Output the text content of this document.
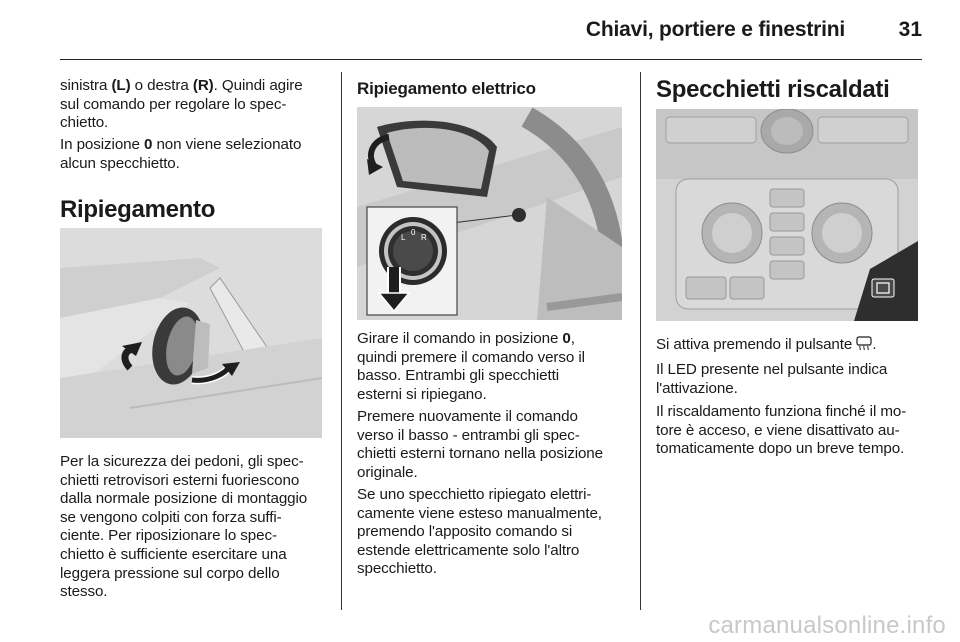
Chiavi, portiere e finestrini	31

sinistra (L) o destra (R). Quindi agire

sul comando per regolare lo spec-

chietto.

In posizione 0 non viene selezionato

alcun specchietto.

Ripiegamento

Per la sicurezza dei pedoni, gli spec-

chietti retrovisori esterni fuoriescono

dalla normale posizione di montaggio

se vengono colpiti con forza suffi-

ciente. Per riposizionare lo spec-

chietto è sufficiente esercitare una

leggera pressione sul corpo dello

stesso.

Ripiegamento elettrico
L
0
R

Girare il comando in posizione 0,

quindi premere il comando verso il

basso. Entrambi gli specchietti

esterni si ripiegano.

Premere nuovamente il comando

verso il basso - entrambi gli spec-

chietti esterni tornano nella posizione

originale.

Se uno specchietto ripiegato elettri-

camente viene esteso manualmente,

premendo l'apposito comando si

estende elettricamente solo l'altro

specchietto.

Specchietti riscaldati

Si attiva premendo il pulsante .

Il LED presente nel pulsante indica

l'attivazione.

Il riscaldamento funziona finché il mo-

tore è acceso, e viene disattivato au-

tomaticamente dopo un breve tempo.

carmanualsonline.info
